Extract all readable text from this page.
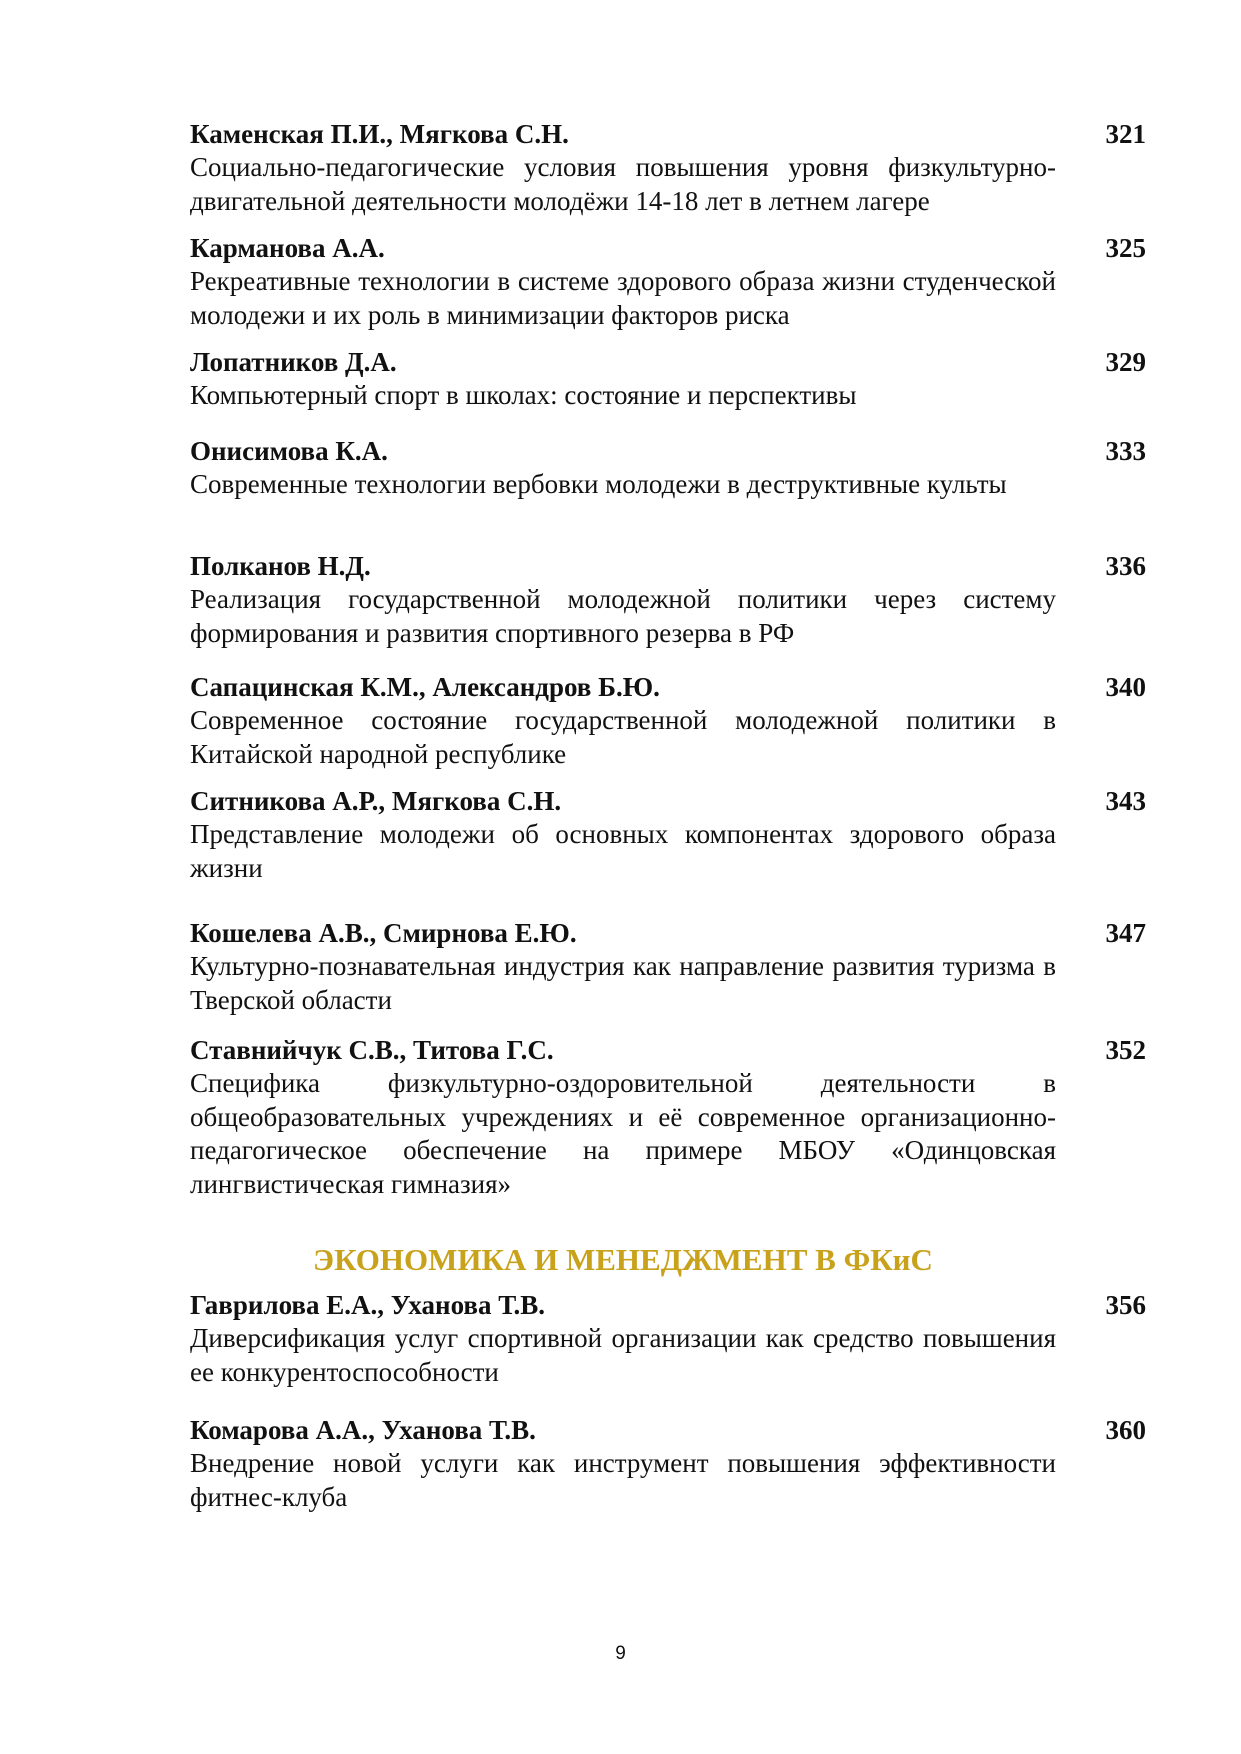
Каменская П.И., Мягкова С.Н.	321
Социально-педагогические условия повышения уровня физкультурно-двигательной деятельности молодёжи 14-18 лет в летнем лагере
Карманова А.А.	325
Рекреативные технологии в системе здорового образа жизни студенческой молодежи и их роль в минимизации факторов риска
Лопатников Д.А.	329
Компьютерный спорт в школах: состояние и перспективы
Онисимова К.А.	333
Современные технологии вербовки молодежи в деструктивные культы
Полканов Н.Д.	336
Реализация государственной молодежной политики через систему формирования и развития спортивного резерва в РФ
Сапацинская К.М., Александров Б.Ю.	340
Современное состояние государственной молодежной политики в Китайской народной республике
Ситникова А.Р., Мягкова С.Н.	343
Представление молодежи об основных компонентах здорового образа жизни
Кошелева А.В., Смирнова Е.Ю.	347
Культурно-познавательная индустрия как направление развития туризма в Тверской области
Ставнийчук С.В., Титова Г.С.	352
Специфика физкультурно-оздоровительной деятельности в общеобразовательных учреждениях и её современное организационно-педагогическое обеспечение на примере МБОУ «Одинцовская лингвистическая гимназия»
ЭКОНОМИКА И МЕНЕДЖМЕНТ В ФКиС
Гаврилова Е.А., Уханова Т.В.	356
Диверсификация услуг спортивной организации как средство повышения ее конкурентоспособности
Комарова А.А., Уханова Т.В.	360
Внедрение новой услуги как инструмент повышения эффективности фитнес-клуба
9
